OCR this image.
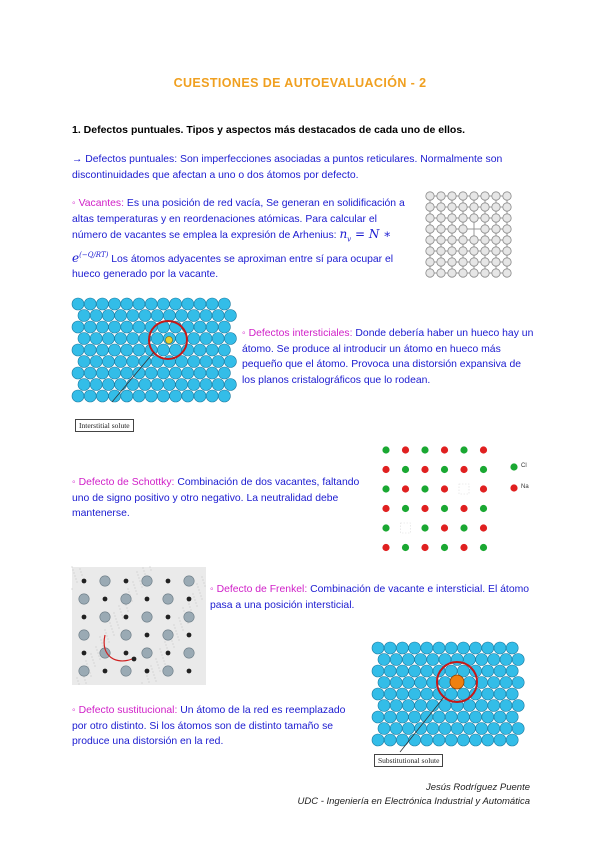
CUESTIONES DE AUTOEVALUACIÓN - 2
1. Defectos puntuales. Tipos y aspectos más destacados de cada uno de ellos.
→ Defectos puntuales: Son imperfecciones asociadas a puntos reticulares. Normalmente son discontinuidades que afectan a uno o dos átomos por defecto.
◦ Vacantes: Es una posición de red vacía, Se generan en solidificación a altas temperaturas y en reordenaciones atómicas. Para calcular el número de vacantes se emplea la expresión de Arhenius: $n_v = N$ ∗ $e^{(-Q/RT)}$ Los átomos adyacentes se aproximan entre sí para ocupar el hueco generado por la vacante.
Interstitial solute
◦ Defectos intersticiales: Donde debería haber un hueco hay un átomo. Se produce al introducir un átomo en hueco más pequeño que el átomo. Provoca una distorsión expansiva de los planos cristalográficos que lo rodean.
◦ Defecto de Schottky: Combinación de dos vacantes, faltando uno de signo positivo y otro negativo. La neutralidad debe mantenerse.
Cl
Na
◦ Defecto de Frenkel: Combinación de vacante e intersticial. El átomo pasa a una posición intersticial.
◦ Defecto sustitucional: Un átomo de la red es reemplazado por otro distinto. Si los átomos son de distinto tamaño se produce una distorsión en la red.
Substitutional solute
Jesús Rodríguez Puente
UDC - Ingeniería en Electrónica Industrial y Automática
